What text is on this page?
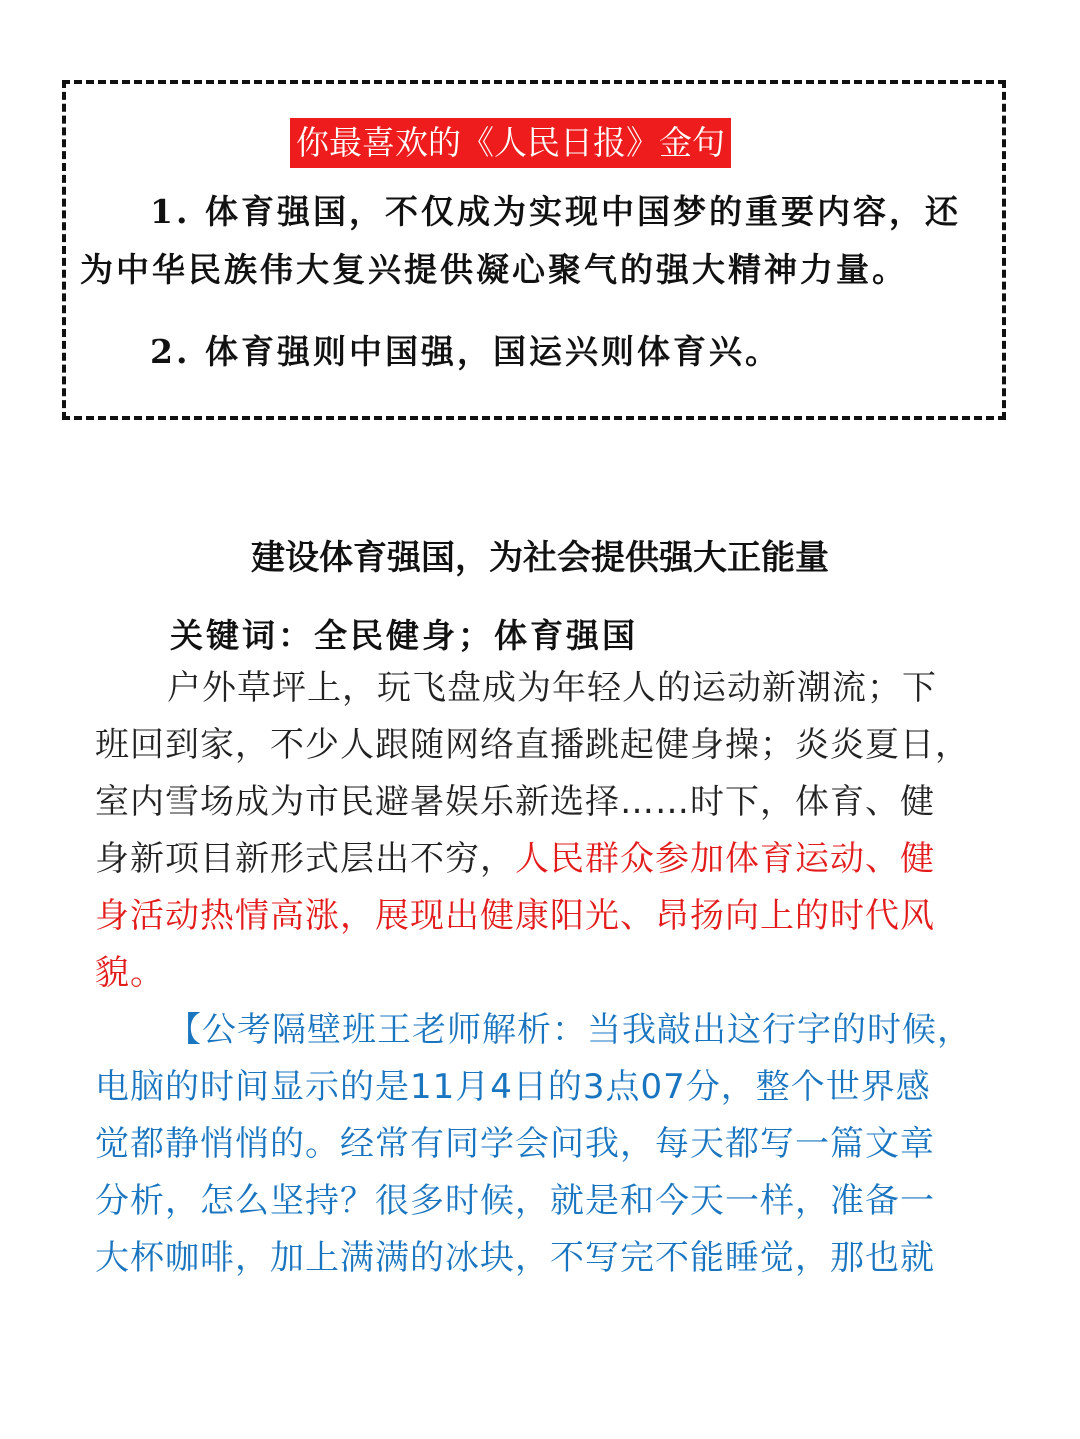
你最喜欢的《人民日报》金句
1. 体育强国，不仅成为实现中国梦的重要内容，还
为中华民族伟大复兴提供凝心聚气的强大精神力量。
2. 体育强则中国强，国运兴则体育兴。
建设体育强国，为社会提供强大正能量
关键词：全民健身；体育强国
户外草坪上，玩飞盘成为年轻人的运动新潮流；下
班回到家，不少人跟随网络直播跳起健身操；炎炎夏日，
室内雪场成为市民避暑娱乐新选择……时下，体育、健
身新项目新形式层出不穷，人民群众参加体育运动、健
身活动热情高涨，展现出健康阳光、昂扬向上的时代风
貌。
【公考隔壁班王老师解析：当我敲出这行字的时候，
电脑的时间显示的是11月4日的3点07分，整个世界感
觉都静悄悄的。经常有同学会问我，每天都写一篇文章
分析，怎么坚持？很多时候，就是和今天一样，准备一
大杯咖啡，加上满满的冰块，不写完不能睡觉，那也就
